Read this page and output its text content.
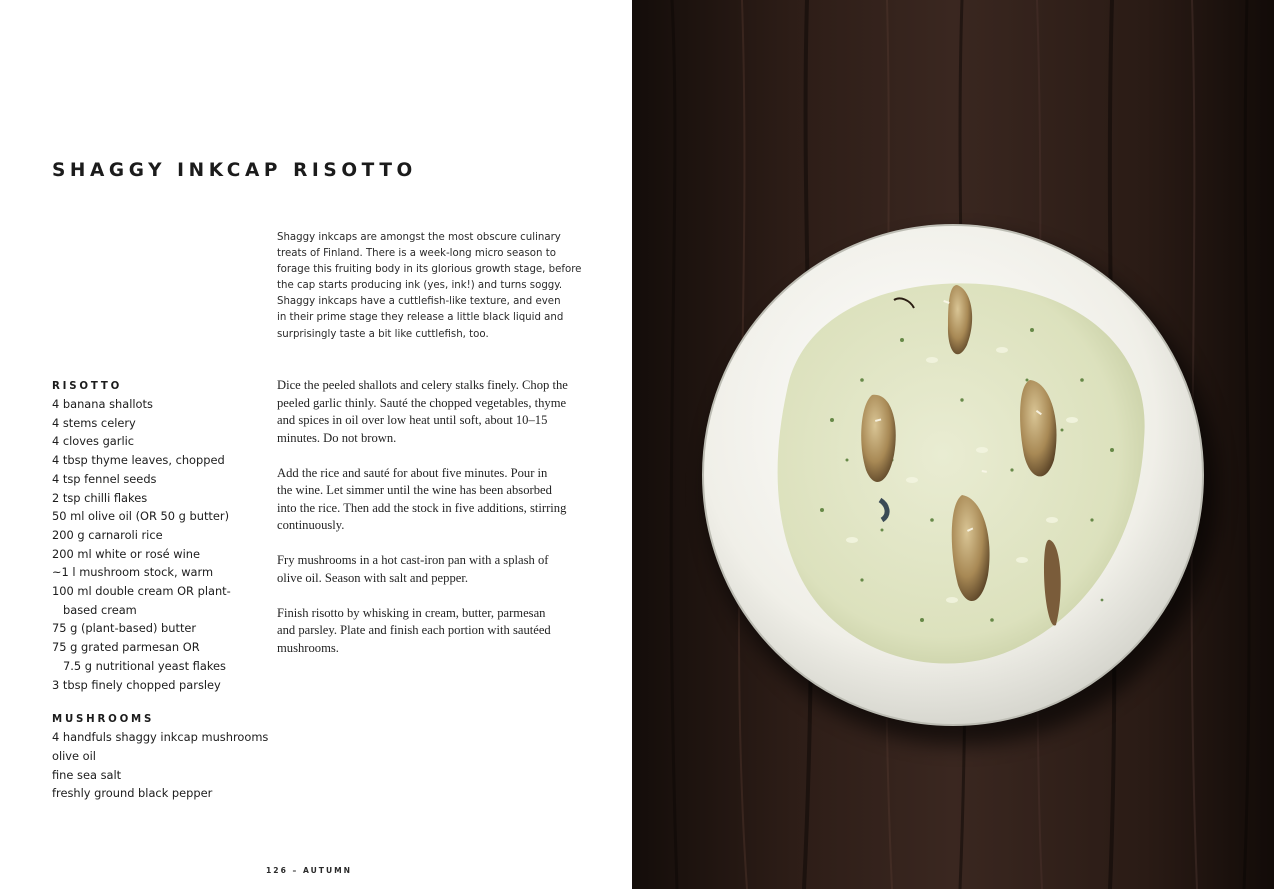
SHAGGY INKCAP RISOTTO
Shaggy inkcaps are amongst the most obscure culinary
treats of Finland. There is a week-long micro season to
forage this fruiting body in its glorious growth stage, before
the cap starts producing ink (yes, ink!) and turns soggy.
Shaggy inkcaps have a cuttlefish-like texture, and even
in their prime stage they release a little black liquid and
surprisingly taste a bit like cuttlefish, too.
RISOTTO
4 banana shallots
4 stems celery
4 cloves garlic
4 tbsp thyme leaves, chopped
4 tsp fennel seeds
2 tsp chilli flakes
50 ml olive oil (OR 50 g butter)
200 g carnaroli rice
200 ml white or rosé wine
~1 l mushroom stock, warm
100 ml double cream OR plant-
based cream
75 g (plant-based) butter
75 g grated parmesan OR
7.5 g nutritional yeast flakes
3 tbsp finely chopped parsley
MUSHROOMS
4 handfuls shaggy inkcap mushrooms
olive oil
fine sea salt
freshly ground black pepper

Dice the peeled shallots and celery stalks finely. Chop the
peeled garlic thinly. Sauté the chopped vegetables, thyme
and spices in oil over low heat until soft, about 10–15
minutes. Do not brown.

Add the rice and sauté for about five minutes. Pour in
the wine. Let simmer until the wine has been absorbed
into the rice. Then add the stock in five additions, stirring
continuously.

Fry mushrooms in a hot cast-iron pan with a splash of
olive oil. Season with salt and pepper.

Finish risotto by whisking in cream, butter, parmesan
and parsley. Plate and finish each portion with sautéed
mushrooms.

126 – AUTUMN
